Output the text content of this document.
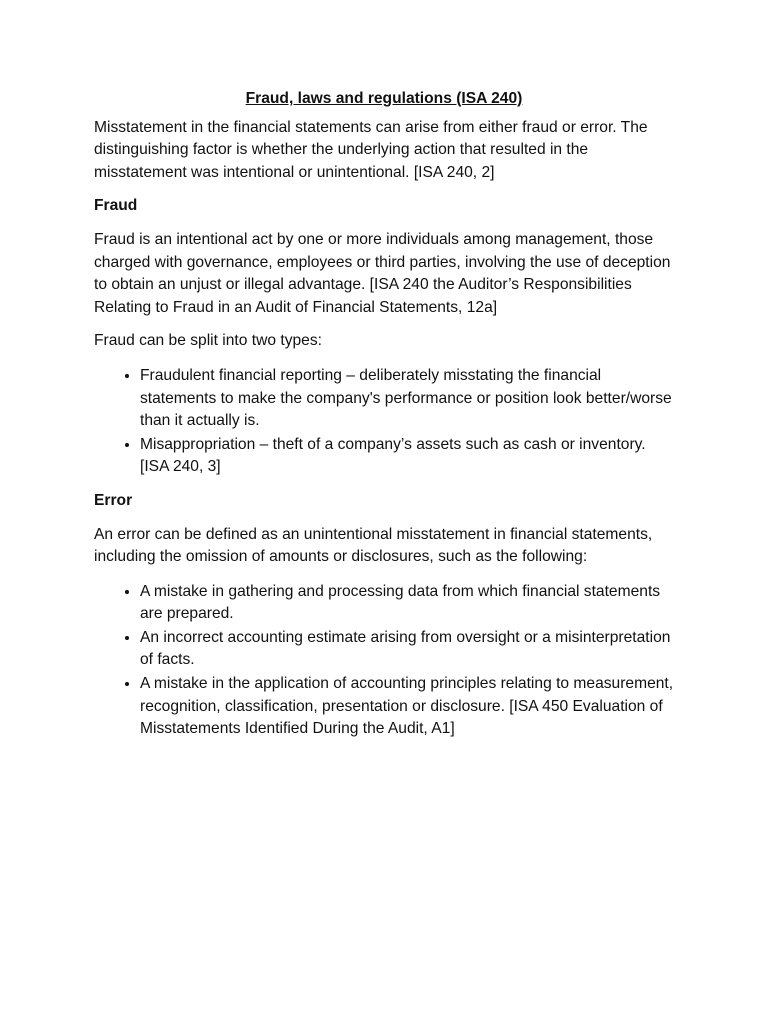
Fraud, laws and regulations (ISA 240)

Misstatement in the financial statements can arise from either fraud or error. The distinguishing factor is whether the underlying action that resulted in the misstatement was intentional or unintentional. [ISA 240, 2]

Fraud

Fraud is an intentional act by one or more individuals among management, those charged with governance, employees or third parties, involving the use of deception to obtain an unjust or illegal advantage. [ISA 240 the Auditor’s Responsibilities Relating to Fraud in an Audit of Financial Statements, 12a]

Fraud can be split into two types:

• Fraudulent financial reporting – deliberately misstating the financial statements to make the company's performance or position look better/worse than it actually is.
• Misappropriation – theft of a company’s assets such as cash or inventory. [ISA 240, 3]
Error

An error can be defined as an unintentional misstatement in financial statements, including the omission of amounts or disclosures, such as the following:

• A mistake in gathering and processing data from which financial statements are prepared.
• An incorrect accounting estimate arising from oversight or a misinterpretation of facts.
• A mistake in the application of accounting principles relating to measurement, recognition, classification, presentation or disclosure. [ISA 450 Evaluation of Misstatements Identified During the Audit, A1]
